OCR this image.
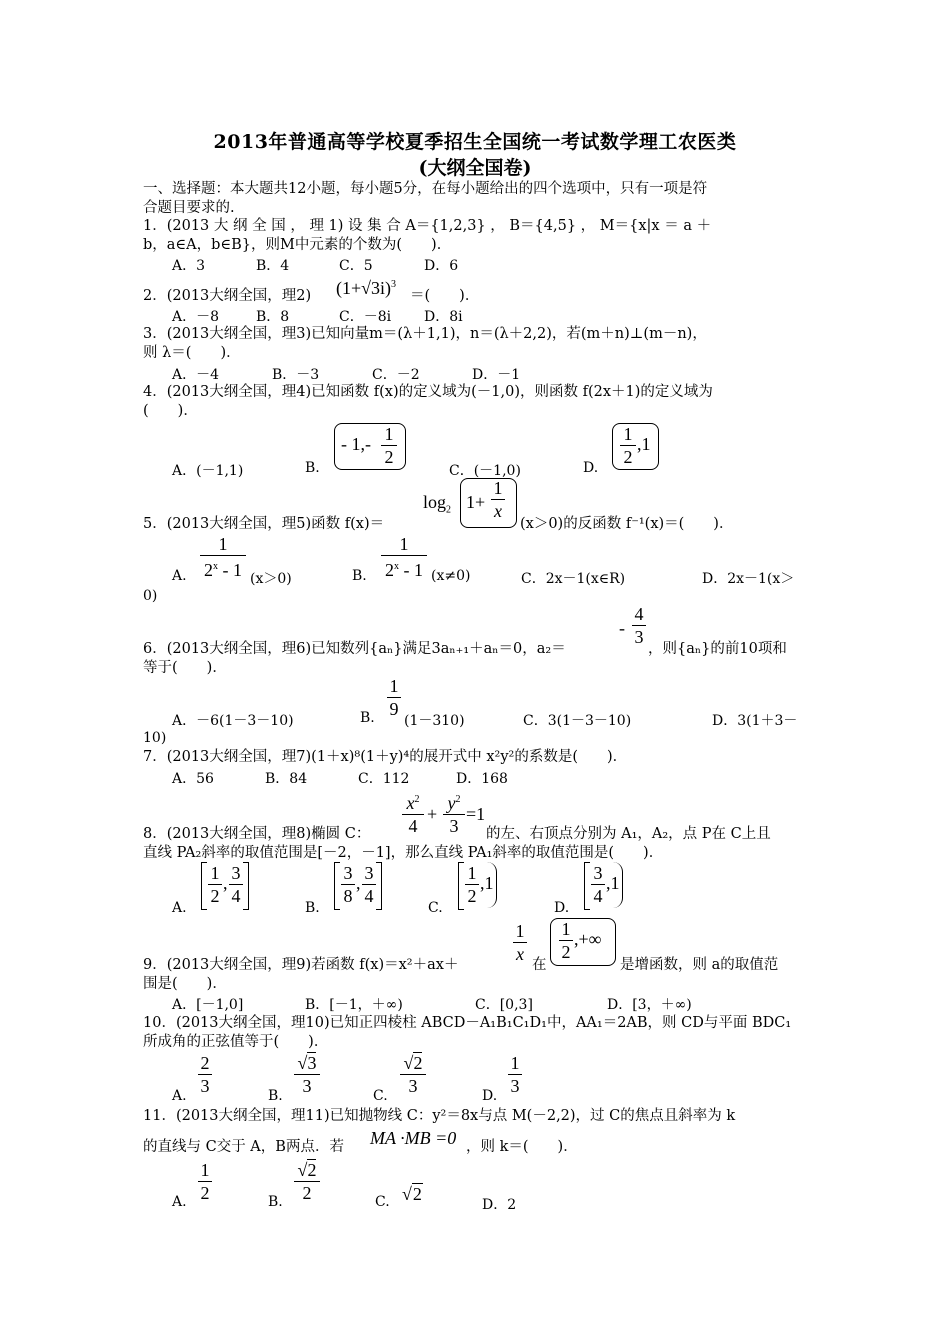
2013年普通高等学校夏季招生全国统一考试数学理工农医类
(大纲全国卷)
一、选择题：本大题共12小题，每小题5分，在每小题给出的四个选项中，只有一项是符
合题目要求的.
1．(2013 大 纲 全 国 ， 理 1) 设 集 合 A＝{1,2,3} ， B＝{4,5} ， M＝{x|x ＝ a ＋
b，a∈A，b∈B}，则M中元素的个数为(　　)．
A．3	B．4	C．5	D．6
2．(2013大纲全国，理2) $(1+√3i)^3$
＝(　　)．
A．－8	B．8	C．－8i D．8i
3．(2013大纲全国，理3)已知向量m＝(λ＋1,1)，n＝(λ＋2,2)，若(m＋n)⊥(m－n)，
则 λ＝(　　)．
A．－4	B．－3	C．－2	D．－1
4．(2013大纲全国，理4)已知函数 f(x)的定义域为(－1,0)，则函数 f(2x＋1)的定义域为
(　　)．
A．(－1,1)	B.
- 1,- 1
2
C．(－1,0)	D.
1
2
,1
5．(2013大纲全国，理5)函数 f(x)＝
$\log_2 1+$
1
x
(x＞0)的反函数 f⁻¹(x)＝(　　)．
A.
1
2$^x$ - 1 (x＞0)	B.
1
2$^x$ - 1 (x≠0)	C．2x－1(x∈R)	D．2x－1(x＞
0)
6．(2013大纲全国，理6)已知数列{aₙ}满足3aₙ₊₁＋aₙ＝0，a₂＝
-
4
3
，则{aₙ}的前10项和
等于(　　)．
A．－6(1－3－10)	B.
1
9
(1－310)	C．3(1－3－10)	D．3(1＋3－
10)
7．(2013大纲全国，理7)(1＋x)⁸(1＋y)⁴的展开式中 x²y²的系数是(　　)．
A．56	B．84	C．112	D．168
$x^2$
4
+
$y^2$
3
=1
8．(2013大纲全国，理8)椭圆 C：	的左、右顶点分别为 A₁，A₂，点 P在 C上且
直线 PA₂斜率的取值范围是[－2，－1]，那么直线 PA₁斜率的取值范围是(　　)．
A.
1
2
, 3
4
B.
3
8
, 3
4
C.
1
2
,1
D.
3
4
,1
9．(2013大纲全国，理9)若函数 f(x)＝x²＋ax＋
1
x
在
1
2
,+∞
是增函数，则 a的取值范
围是(　　)．
A．[－1,0]	B．[－1，＋∞)	C．[0,3]	D．[3，＋∞)
10．(2013大纲全国，理10)已知正四棱柱 ABCD－A₁B₁C₁D₁中，AA₁＝2AB，则 CD与平面 BDC₁
所成角的正弦值等于(　　)．
A.
2
3	B.
√3
3	C.
√2
3	D.
1
3
11．(2013大纲全国，理11)已知抛物线 C：y²＝8x与点 M(－2,2)，过 C的焦点且斜率为 k
的直线与 C交于 A，B两点．若 MA ·MB =0 ，则 k＝(　　)．
A.
1
2	B.
√2
2	C. √2
D．2
